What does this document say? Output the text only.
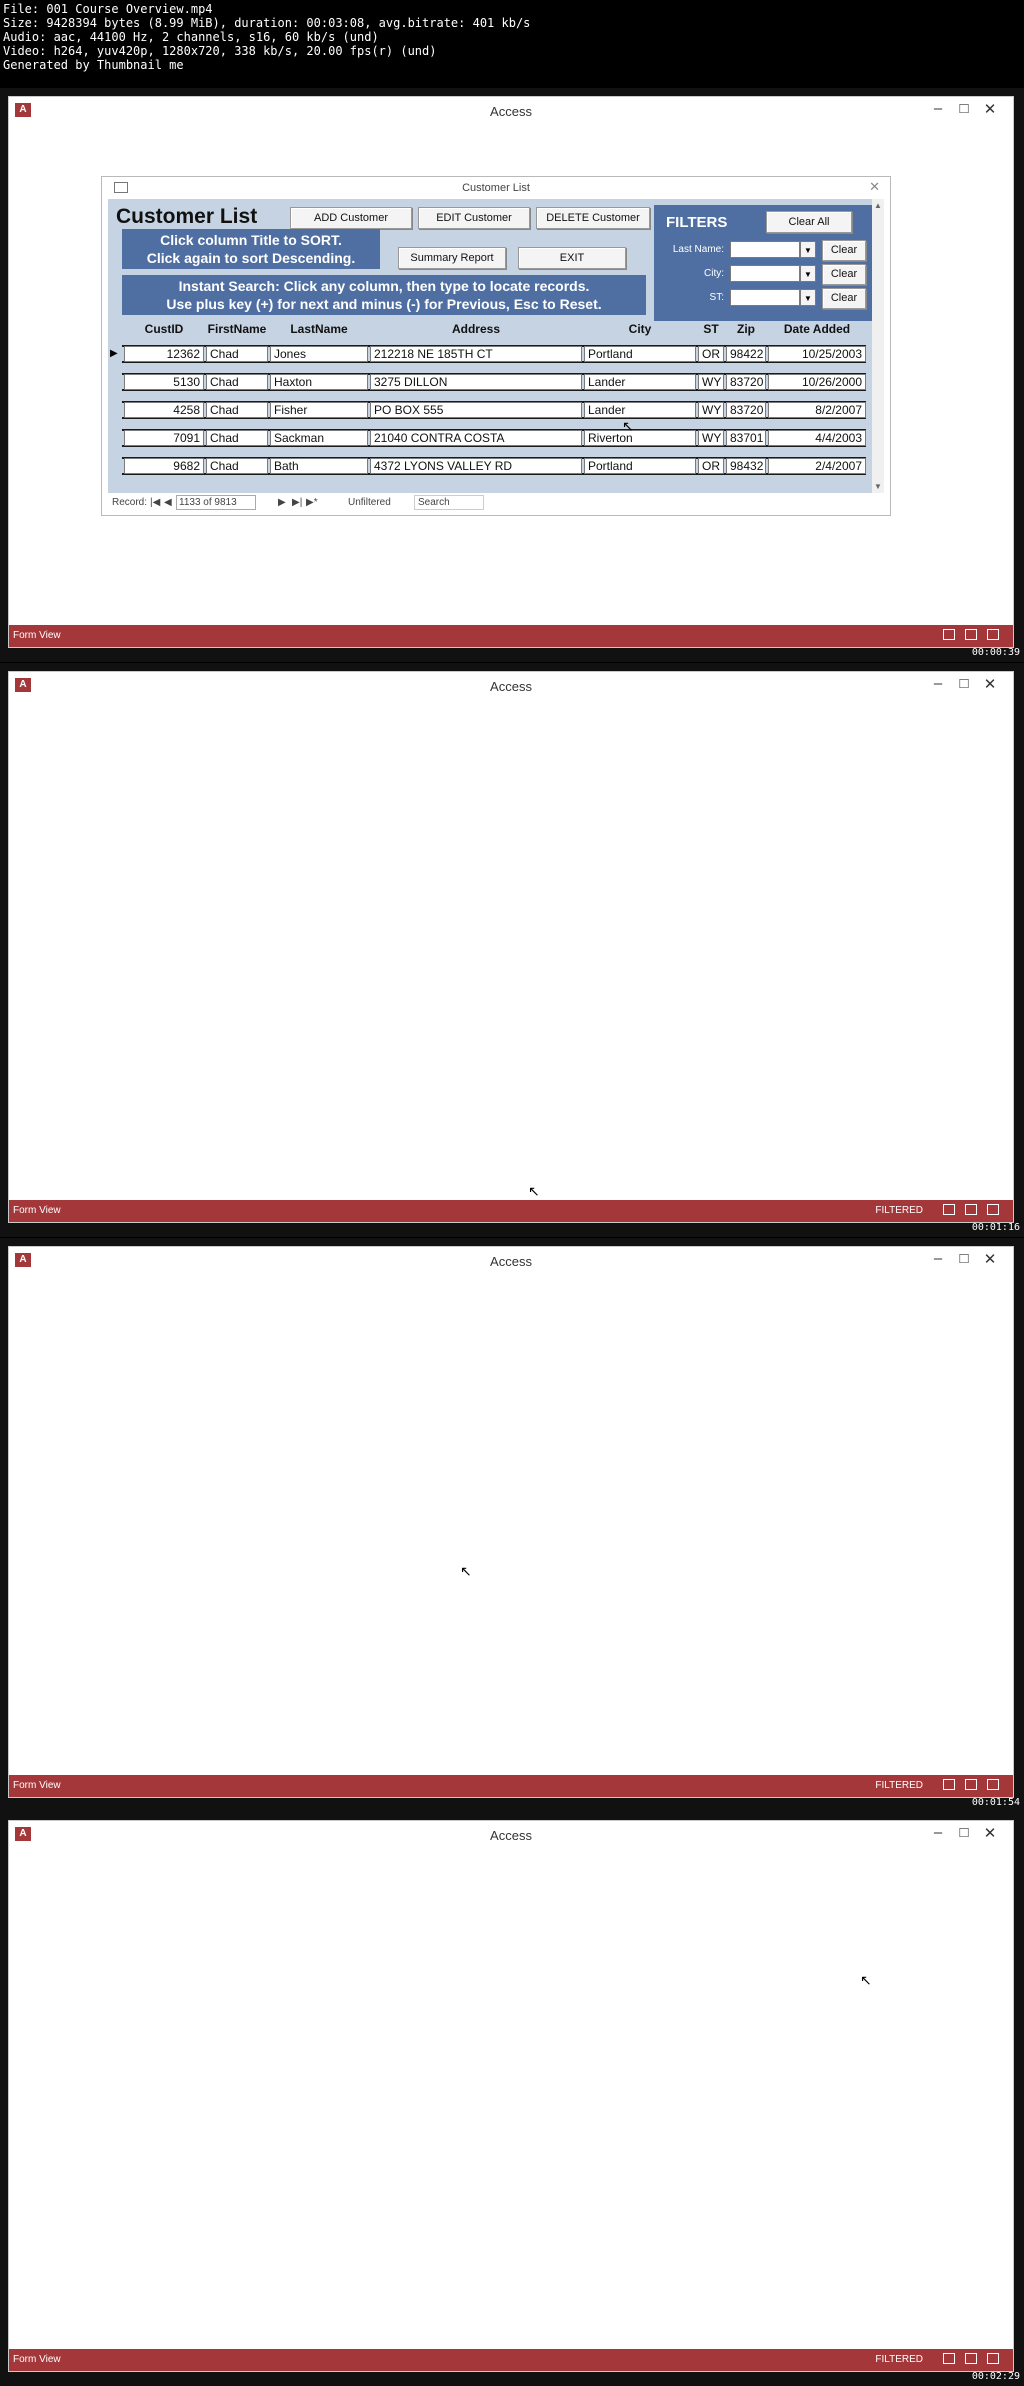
File: 001 Course Overview.mp4
Size: 9428394 bytes (8.99 MiB), duration: 00:03:08, avg.bitrate: 401 kb/s
Audio: aac, 44100 Hz, 2 channels, s16, 60 kb/s (und)
Video: h264, yuv420p, 1280x720, 338 kb/s, 20.00 fps(r) (und)
Generated by Thumbnail me
A	Access	–	□	✕
Form View
Customer List	✕
▲
▼
Customer List	ADD Customer	EDIT Customer	DELETE Customer
Summary Report	EXIT
Click column Title to SORT.
Click again to sort Descending.
Instant Search: Click any column, then type to locate records.
Use plus key (+) for next and minus (-) for Previous, Esc to Reset.
FILTERS	Clear All
Last Name:	▼	Clear
City:	▼	Clear
ST:	▼	Clear
CustID	FirstName	LastName	Address	City	ST	Zip	Date Added
▶	12362 Chad	Jones	212218 NE 185TH CT	Portland	OR 98422	10/25/2003
5130 Chad	Haxton	3275 DILLON	Lander	WY 83720	10/26/2000
4258 Chad	Fisher	PO BOX 555	Lander	WY 83720	8/2/2007
7091 Chad	Sackman	21040 CONTRA COSTA	Riverton	WY 83701	4/4/2003
9682 Chad	Bath	4372 LYONS VALLEY RD	Portland	OR 98432	2/4/2007
Record: |◀ ◀ 1133 of 9813	▶ ▶| ▶*	Unfiltered	Search
↖
00:00:39
A	Access	–	□	✕
Form View	FILTERED
↖
00:01:16
A	Access	–	□	✕
Form View	FILTERED
↖
00:01:54
A	Access	–	□	✕
Form View	FILTERED
↖
00:02:29
